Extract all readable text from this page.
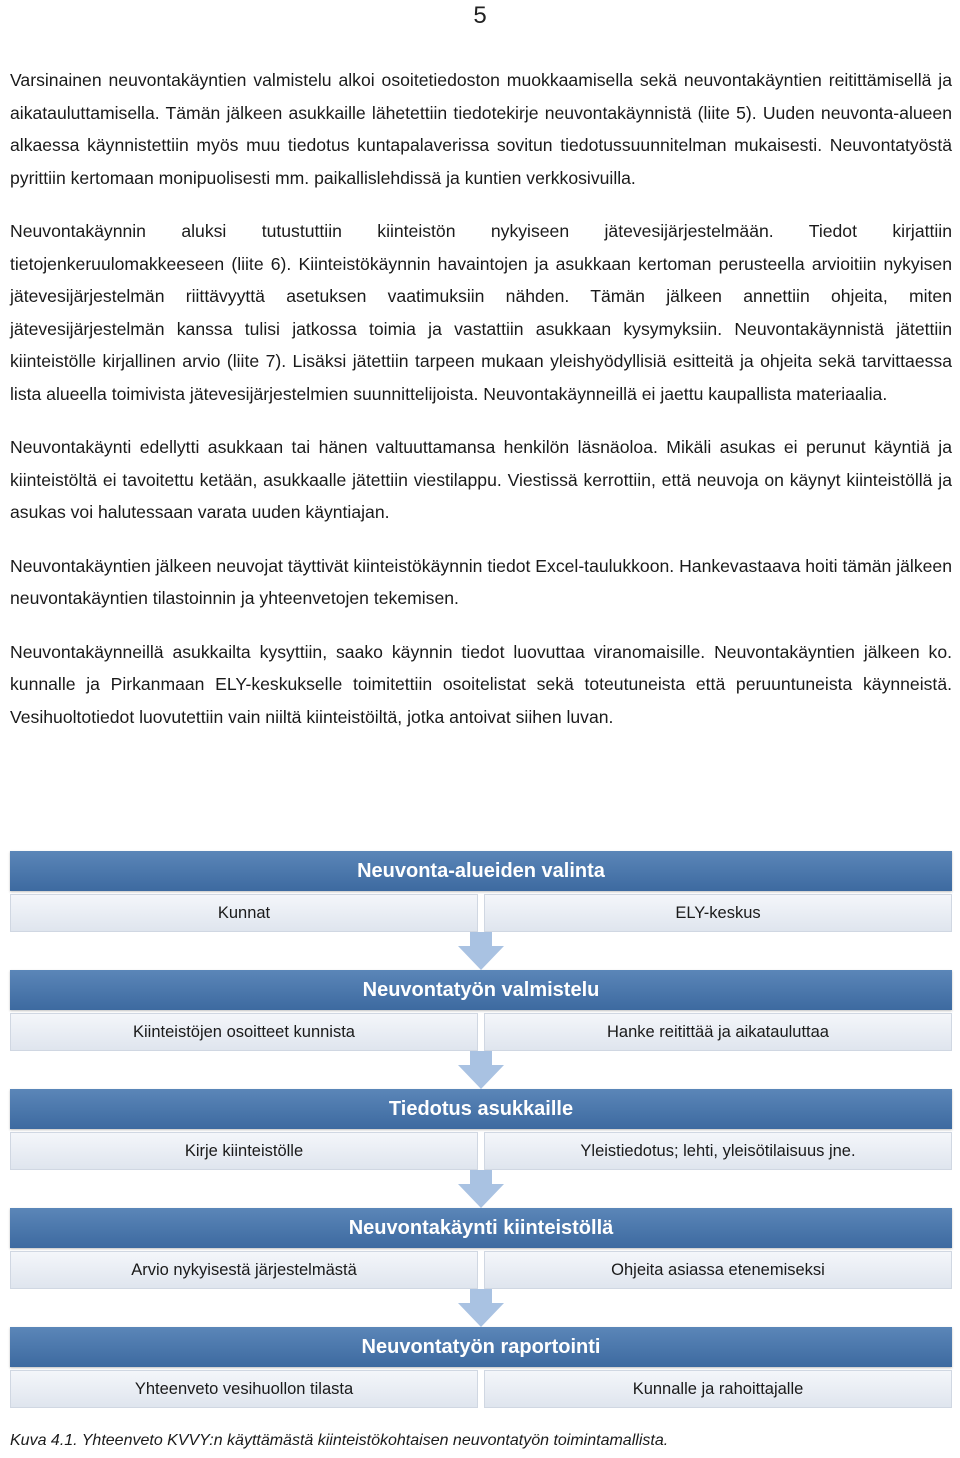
5

Varsinainen neuvontakäyntien valmistelu alkoi osoitetiedoston muokkaamisella sekä neuvontakäyntien reitittämisellä ja aikatauluttamisella. Tämän jälkeen asukkaille lähetettiin tiedotekirje neuvontakäynnistä (liite 5). Uuden neuvonta-alueen alkaessa käynnistettiin myös muu tiedotus kuntapalaverissa sovitun tiedotussuunnitelman mukaisesti. Neuvontatyöstä pyrittiin kertomaan monipuolisesti mm. paikallislehdissä ja kuntien verkkosivuilla.

Neuvontakäynnin aluksi tutustuttiin kiinteistön nykyiseen jätevesijärjestelmään. Tiedot kirjattiin tietojenkeruulomakkeeseen (liite 6). Kiinteistökäynnin havaintojen ja asukkaan kertoman perusteella arvioitiin nykyisen jätevesijärjestelmän riittävyyttä asetuksen vaatimuksiin nähden. Tämän jälkeen annettiin ohjeita, miten jätevesijärjestelmän kanssa tulisi jatkossa toimia ja vastattiin asukkaan kysymyksiin. Neuvontakäynnistä jätettiin kiinteistölle kirjallinen arvio (liite 7). Lisäksi jätettiin tarpeen mukaan yleishyödyllisiä esitteitä ja ohjeita sekä tarvittaessa lista alueella toimivista jätevesijärjestelmien suunnittelijoista. Neuvontakäynneillä ei jaettu kaupallista materiaalia.

Neuvontakäynti edellytti asukkaan tai hänen valtuuttamansa henkilön läsnäoloa. Mikäli asukas ei perunut käyntiä ja kiinteistöltä ei tavoitettu ketään, asukkaalle jätettiin viestilappu. Viestissä kerrottiin, että neuvoja on käynyt kiinteistöllä ja asukas voi halutessaan varata uuden käyntiajan.

Neuvontakäyntien jälkeen neuvojat täyttivät kiinteistökäynnin tiedot Excel-taulukkoon. Hankevastaava hoiti tämän jälkeen neuvontakäyntien tilastoinnin ja yhteenvetojen tekemisen.

Neuvontakäynneillä asukkailta kysyttiin, saako käynnin tiedot luovuttaa viranomaisille. Neuvontakäyntien jälkeen ko. kunnalle ja Pirkanmaan ELY-keskukselle toimitettiin osoitelistat sekä toteutuneista että peruuntuneista käynneistä. Vesihuoltotiedot luovutettiin vain niiltä kiinteistöiltä, jotka antoivat siihen luvan.

Neuvonta-alueiden valinta
Kunnat	ELY-keskus
Neuvontatyön valmistelu
Kiinteistöjen osoitteet kunnista	Hanke reitittää ja aikatauluttaa
Tiedotus asukkaille
Kirje kiinteistölle	Yleistiedotus; lehti, yleisötilaisuus jne.
Neuvontakäynti kiinteistöllä
Arvio nykyisestä järjestelmästä	Ohjeita asiassa etenemiseksi
Neuvontatyön raportointi
Yhteenveto vesihuollon tilasta	Kunnalle ja rahoittajalle
Kuva 4.1. Yhteenveto KVVY:n käyttämästä kiinteistökohtaisen neuvontatyön toimintamallista.
